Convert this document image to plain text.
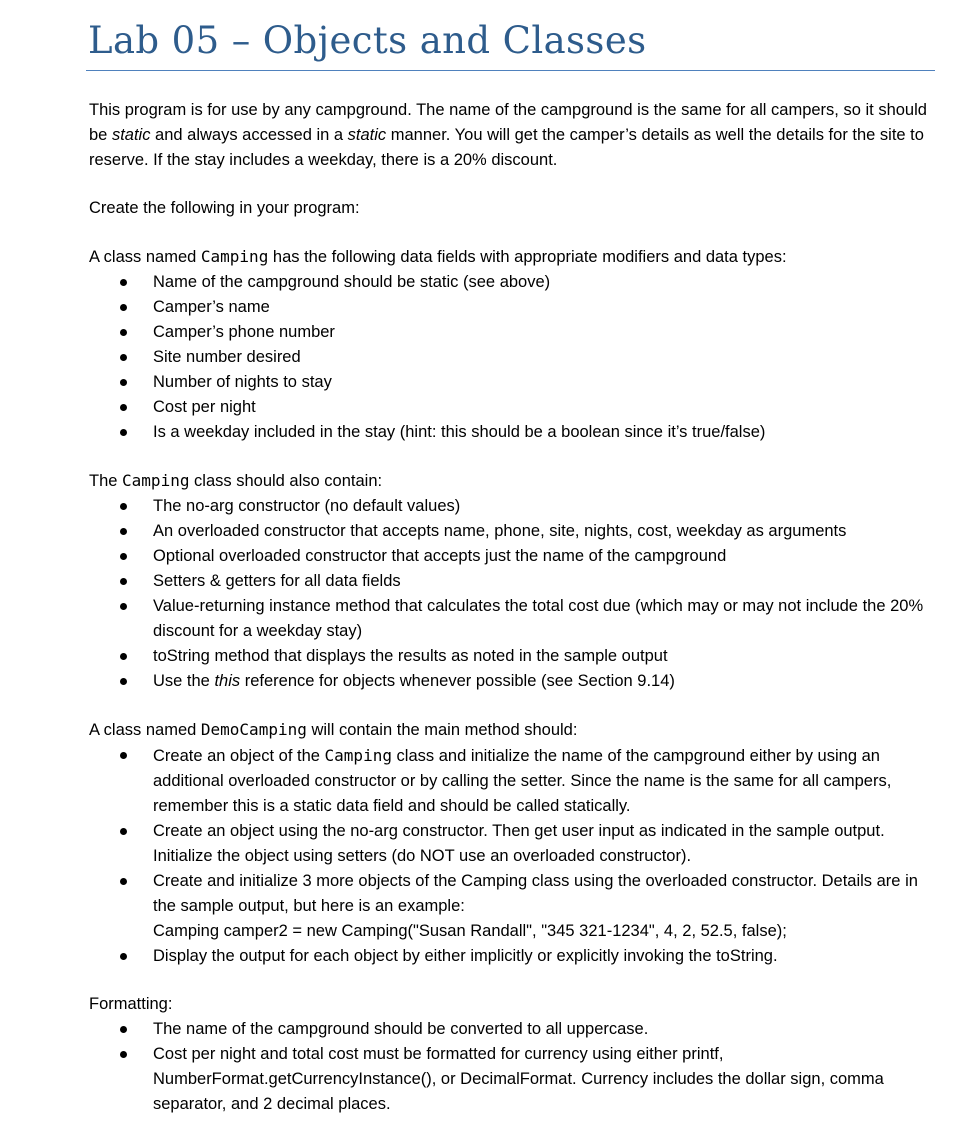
Lab 05 – Objects and Classes

This program is for use by any campground. The name of the campground is the same for all campers, so it should be static and always accessed in a static manner. You will get the camper’s details as well the details for the site to reserve. If the stay includes a weekday, there is a 20% discount.

Create the following in your program:

A class named Camping has the following data fields with appropriate modifiers and data types:

Name of the campground should be static (see above)
Camper’s name
Camper’s phone number
Site number desired
Number of nights to stay
Cost per night
Is a weekday included in the stay (hint: this should be a boolean since it’s true/false)

The Camping class should also contain:

The no-arg constructor (no default values)
An overloaded constructor that accepts name, phone, site, nights, cost, weekday as arguments
Optional overloaded constructor that accepts just the name of the campground
Setters & getters for all data fields
Value-returning instance method that calculates the total cost due (which may or may not include the 20% discount for a weekday stay)
toString method that displays the results as noted in the sample output
Use the this reference for objects whenever possible (see Section 9.14)

A class named DemoCamping will contain the main method should:

Create an object of the Camping class and initialize the name of the campground either by using an additional overloaded constructor or by calling the setter. Since the name is the same for all campers, remember this is a static data field and should be called statically.
Create an object using the no-arg constructor. Then get user input as indicated in the sample output. Initialize the object using setters (do NOT use an overloaded constructor).
Create and initialize 3 more objects of the Camping class using the overloaded constructor. Details are in the sample output, but here is an example:
Camping camper2 = new Camping("Susan Randall", "345 321-1234", 4, 2, 52.5, false);
Display the output for each object by either implicitly or explicitly invoking the toString.

Formatting:

The name of the campground should be converted to all uppercase.
Cost per night and total cost must be formatted for currency using either printf, NumberFormat.getCurrencyInstance(), or DecimalFormat. Currency includes the dollar sign, comma separator, and 2 decimal places.
